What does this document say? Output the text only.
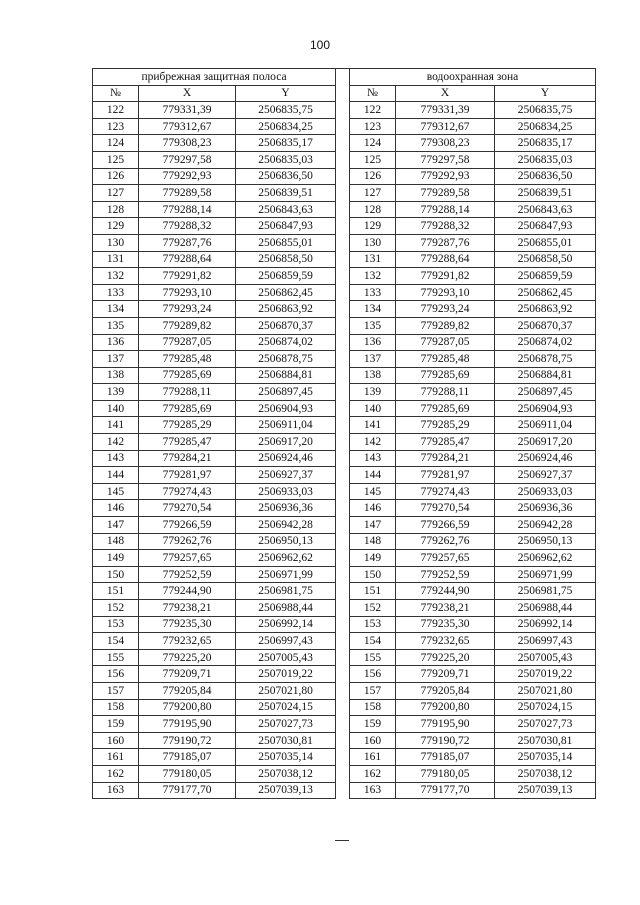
100
прибрежная защитная полоса		
№	X	Y
122	779331,39	2506835,75
123	779312,67	2506834,25
124	779308,23	2506835,17
125	779297,58	2506835,03
126	779292,93	2506836,50
127	779289,58	2506839,51
128	779288,14	2506843,63
129	779288,32	2506847,93
130	779287,76	2506855,01
131	779288,64	2506858,50
132	779291,82	2506859,59
133	779293,10	2506862,45
134	779293,24	2506863,92
135	779289,82	2506870,37
136	779287,05	2506874,02
137	779285,48	2506878,75
138	779285,69	2506884,81
139	779288,11	2506897,45
140	779285,69	2506904,93
141	779285,29	2506911,04
142	779285,47	2506917,20
143	779284,21	2506924,46
144	779281,97	2506927,37
145	779274,43	2506933,03
146	779270,54	2506936,36
147	779266,59	2506942,28
148	779262,76	2506950,13
149	779257,65	2506962,62
150	779252,59	2506971,99
151	779244,90	2506981,75
152	779238,21	2506988,44
153	779235,30	2506992,14
154	779232,65	2506997,43
155	779225,20	2507005,43
156	779209,71	2507019,22
157	779205,84	2507021,80
158	779200,80	2507024,15
159	779195,90	2507027,73
160	779190,72	2507030,81
161	779185,07	2507035,14
162	779180,05	2507038,12
163	779177,70	2507039,13
водоохранная зона		
№	X	Y
122	779331,39	2506835,75
123	779312,67	2506834,25
124	779308,23	2506835,17
125	779297,58	2506835,03
126	779292,93	2506836,50
127	779289,58	2506839,51
128	779288,14	2506843,63
129	779288,32	2506847,93
130	779287,76	2506855,01
131	779288,64	2506858,50
132	779291,82	2506859,59
133	779293,10	2506862,45
134	779293,24	2506863,92
135	779289,82	2506870,37
136	779287,05	2506874,02
137	779285,48	2506878,75
138	779285,69	2506884,81
139	779288,11	2506897,45
140	779285,69	2506904,93
141	779285,29	2506911,04
142	779285,47	2506917,20
143	779284,21	2506924,46
144	779281,97	2506927,37
145	779274,43	2506933,03
146	779270,54	2506936,36
147	779266,59	2506942,28
148	779262,76	2506950,13
149	779257,65	2506962,62
150	779252,59	2506971,99
151	779244,90	2506981,75
152	779238,21	2506988,44
153	779235,30	2506992,14
154	779232,65	2506997,43
155	779225,20	2507005,43
156	779209,71	2507019,22
157	779205,84	2507021,80
158	779200,80	2507024,15
159	779195,90	2507027,73
160	779190,72	2507030,81
161	779185,07	2507035,14
162	779180,05	2507038,12
163	779177,70	2507039,13
